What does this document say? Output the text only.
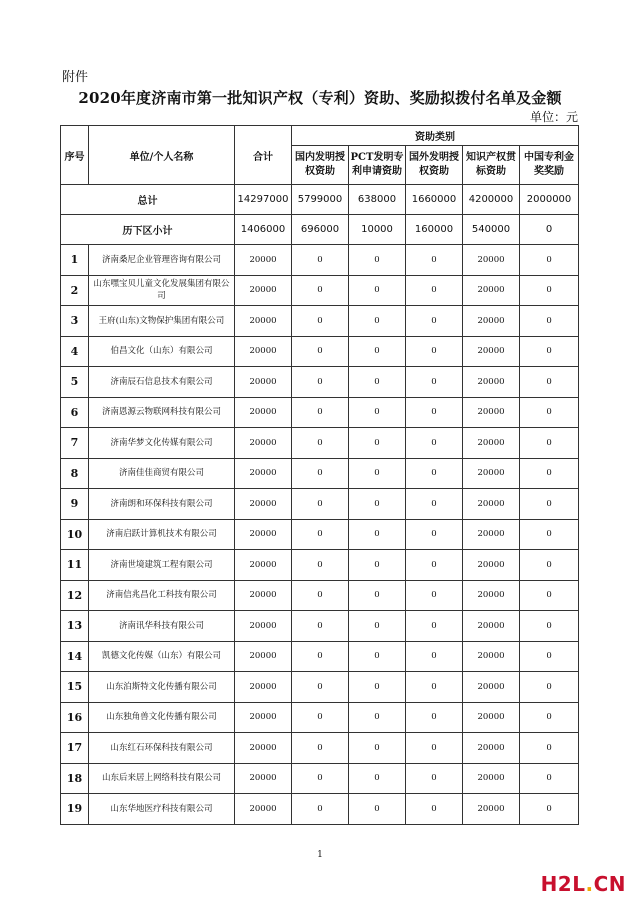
附件
2020年度济南市第一批知识产权（专利）资助、奖励拟拨付名单及金额
单位：元
序号	单位/个人名称	合计	资助类别				
			国内发明授权资助	PCT发明专利申请资助	国外发明授权资助	知识产权贯标资助	中国专利金奖奖励
总计		14297000	5799000	638000	1660000	4200000	2000000
历下区小计		1406000	696000	10000	160000	540000	0
1	济南桑尼企业管理咨询有限公司	20000	0	0	0	20000	0
2	山东嘿宝贝儿童文化发展集团有限公司	20000	0	0	0	20000	0
3	王府(山东)文物保护集团有限公司	20000	0	0	0	20000	0
4	伯昌文化（山东）有限公司	20000	0	0	0	20000	0
5	济南辰石信息技术有限公司	20000	0	0	0	20000	0
6	济南恩源云物联网科技有限公司	20000	0	0	0	20000	0
7	济南华梦文化传媒有限公司	20000	0	0	0	20000	0
8	济南佳佳商贸有限公司	20000	0	0	0	20000	0
9	济南朗和环保科技有限公司	20000	0	0	0	20000	0
10	济南启跃计算机技术有限公司	20000	0	0	0	20000	0
11	济南世境建筑工程有限公司	20000	0	0	0	20000	0
12	济南信兆昌化工科技有限公司	20000	0	0	0	20000	0
13	济南讯华科技有限公司	20000	0	0	0	20000	0
14	凯德文化传媒（山东）有限公司	20000	0	0	0	20000	0
15	山东泊斯特文化传播有限公司	20000	0	0	0	20000	0
16	山东独角兽文化传播有限公司	20000	0	0	0	20000	0
17	山东红石环保科技有限公司	20000	0	0	0	20000	0
18	山东后来居上网络科技有限公司	20000	0	0	0	20000	0
19	山东华地医疗科技有限公司	20000	0	0	0	20000	0
1
H2L.CN
